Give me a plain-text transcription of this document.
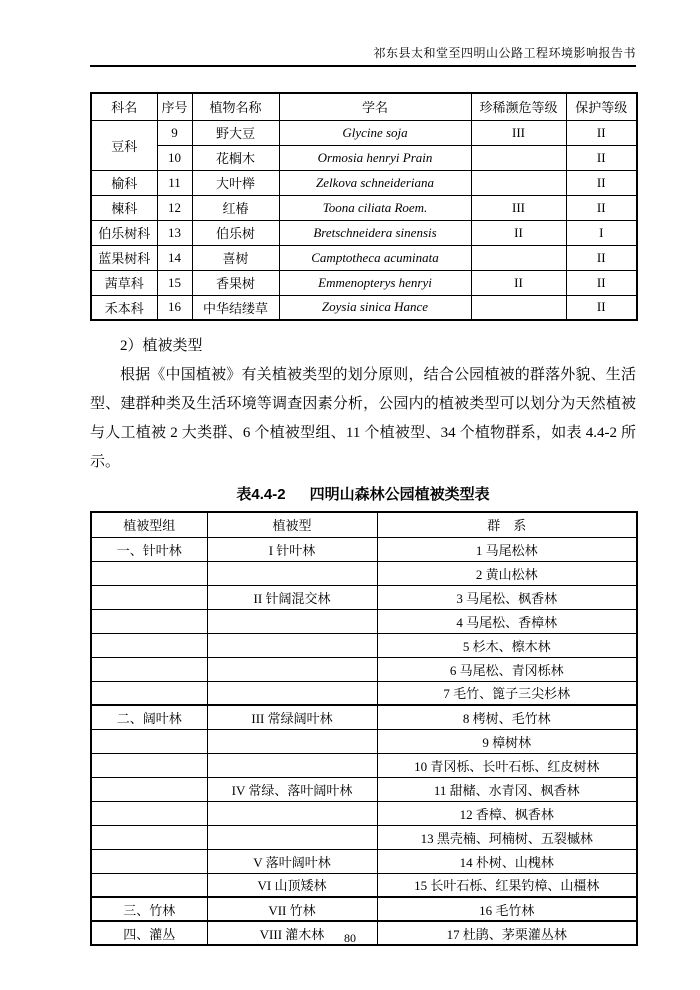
祁东县太和堂至四明山公路工程环境影响报告书
科名	序号	植物名称	学名	珍稀濒危等级	保护等级
豆科	9	野大豆	Glycine soja	III	II
	10	花榈木	Ormosia henryi Prain		II
榆科	11	大叶榉	Zelkova schneideriana		II
楝科	12	红椿	Toona ciliata Roem.	III	II
伯乐树科	13	伯乐树	Bretschneidera sinensis	II	I
蓝果树科	14	喜树	Camptotheca acuminata		II
茜草科	15	香果树	Emmenopterys henryi	II	II
禾本科	16	中华结缕草	Zoysia sinica Hance		II
2）植被类型
根据《中国植被》有关植被类型的划分原则，结合公园植被的群落外貌、生活型、建群种类及生活环境等调查因素分析，公园内的植被类型可以划分为天然植被与人工植被 2 大类群、6 个植被型组、11 个植被型、34 个植物群系，如表 4.4-2 所示。
表4.4-2 四明山森林公园植被类型表
植被型组	植被型	群　系
一、针叶林	I 针叶林	1 马尾松林
		2 黄山松林
	II 针阔混交林	3 马尾松、枫香林
		4 马尾松、香樟林
		5 杉木、檫木林
		6 马尾松、青冈栎林
		7 毛竹、篦子三尖杉林
二、阔叶林	III 常绿阔叶林	8 栲树、毛竹林
		9 樟树林
		10 青冈栎、长叶石栎、红皮树林
	IV 常绿、落叶阔叶林	11 甜槠、水青冈、枫香林
		12 香樟、枫香林
		13 黑壳楠、珂楠树、五裂槭林
	V 落叶阔叶林	14 朴树、山槐林
	VI 山顶矮林	15 长叶石栎、红果钓樟、山橿林
三、竹林	VII 竹林	16 毛竹林
四、灌丛	VIII 灌木林	17 杜鹃、茅栗灌丛林
80
